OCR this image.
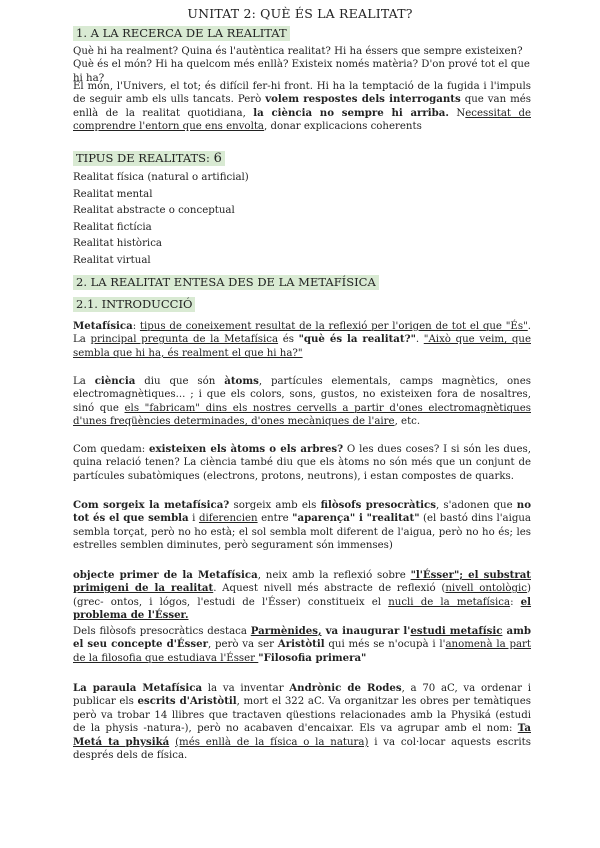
UNITAT 2: QUÈ ÉS LA REALITAT?
1. A LA RECERCA DE LA REALITAT
Què hi ha realment? Quina és l'autèntica realitat? Hi ha éssers que sempre existeixen? Què és el món? Hi ha quelcom més enllà? Existeix només matèria? D'on prové tot el que hi ha?
El món, l'Univers, el tot; és difícil fer-hi front. Hi ha la temptació de la fugida i l'impuls de seguir amb els ulls tancats. Però volem respostes dels interrogants que van més enllà de la realitat quotidiana, la ciència no sempre hi arriba. Necessitat de comprendre l'entorn que ens envolta, donar explicacions coherents
TIPUS DE REALITATS: 6
Realitat física (natural o artificial)
Realitat mental
Realitat abstracte o conceptual
Realitat fictícia
Realitat històrica
Realitat virtual
2. LA REALITAT ENTESA DES DE LA METAFÍSICA
2.1. INTRODUCCIÓ
Metafísica: tipus de coneixement resultat de la reflexió per l'origen de tot el que "És". La principal pregunta de la Metafísica és "què és la realitat?". "Això que veim, que sembla que hi ha, és realment el que hi ha?"
La ciència diu que són àtoms, partícules elementals, camps magnètics, ones electromagnètiques... ; i que els colors, sons, gustos, no existeixen fora de nosaltres, sinó que els "fabricam" dins els nostres cervells a partir d'ones electromagnètiques d'unes freqüències determinades, d'ones mecàniques de l'aire, etc.
Com quedam: existeixen els àtoms o els arbres? O les dues coses? I si són les dues, quina relació tenen? La ciència també diu que els àtoms no són més que un conjunt de partícules subatòmiques (electrons, protons, neutrons), i estan compostes de quarks.
Com sorgeix la metafísica? sorgeix amb els filòsofs presocràtics, s'adonen que no tot és el que sembla i diferencien entre "aparença" i "realitat" (el bastó dins l'aigua sembla torçat, però no ho està; el sol sembla molt diferent de l'aigua, però no ho és; les estrelles semblen diminutes, però segurament són immenses)
objecte primer de la Metafísica, neix amb la reflexió sobre "l'Ésser"; el substrat primigeni de la realitat. Aquest nivell més abstracte de reflexió (nivell ontològic) (grec- ontos, i lógos, l'estudi de l'Ésser) constitueix el nucli de la metafísica: el problema de l'Ésser.
Dels filòsofs presocràtics destaca Parmènides, va inaugurar l'estudi metafísic amb el seu concepte d'Ésser, però va ser Aristòtil qui més se n'ocupà i l'anomenà la part de la filosofia que estudiava l'Ésser "Filosofia primera"
La paraula Metafísica la va inventar Andrònic de Rodes, a 70 aC, va ordenar i publicar els escrits d'Aristòtil, mort el 322 aC. Va organitzar les obres per temàtiques però va trobar 14 llibres que tractaven qüestions relacionades amb la Physiká (estudi de la physis -natura-), però no acabaven d'encaixar. Els va agrupar amb el nom: Ta Metá ta physiká (més enllà de la física o la natura) i va col·locar aquests escrits després dels de física.
